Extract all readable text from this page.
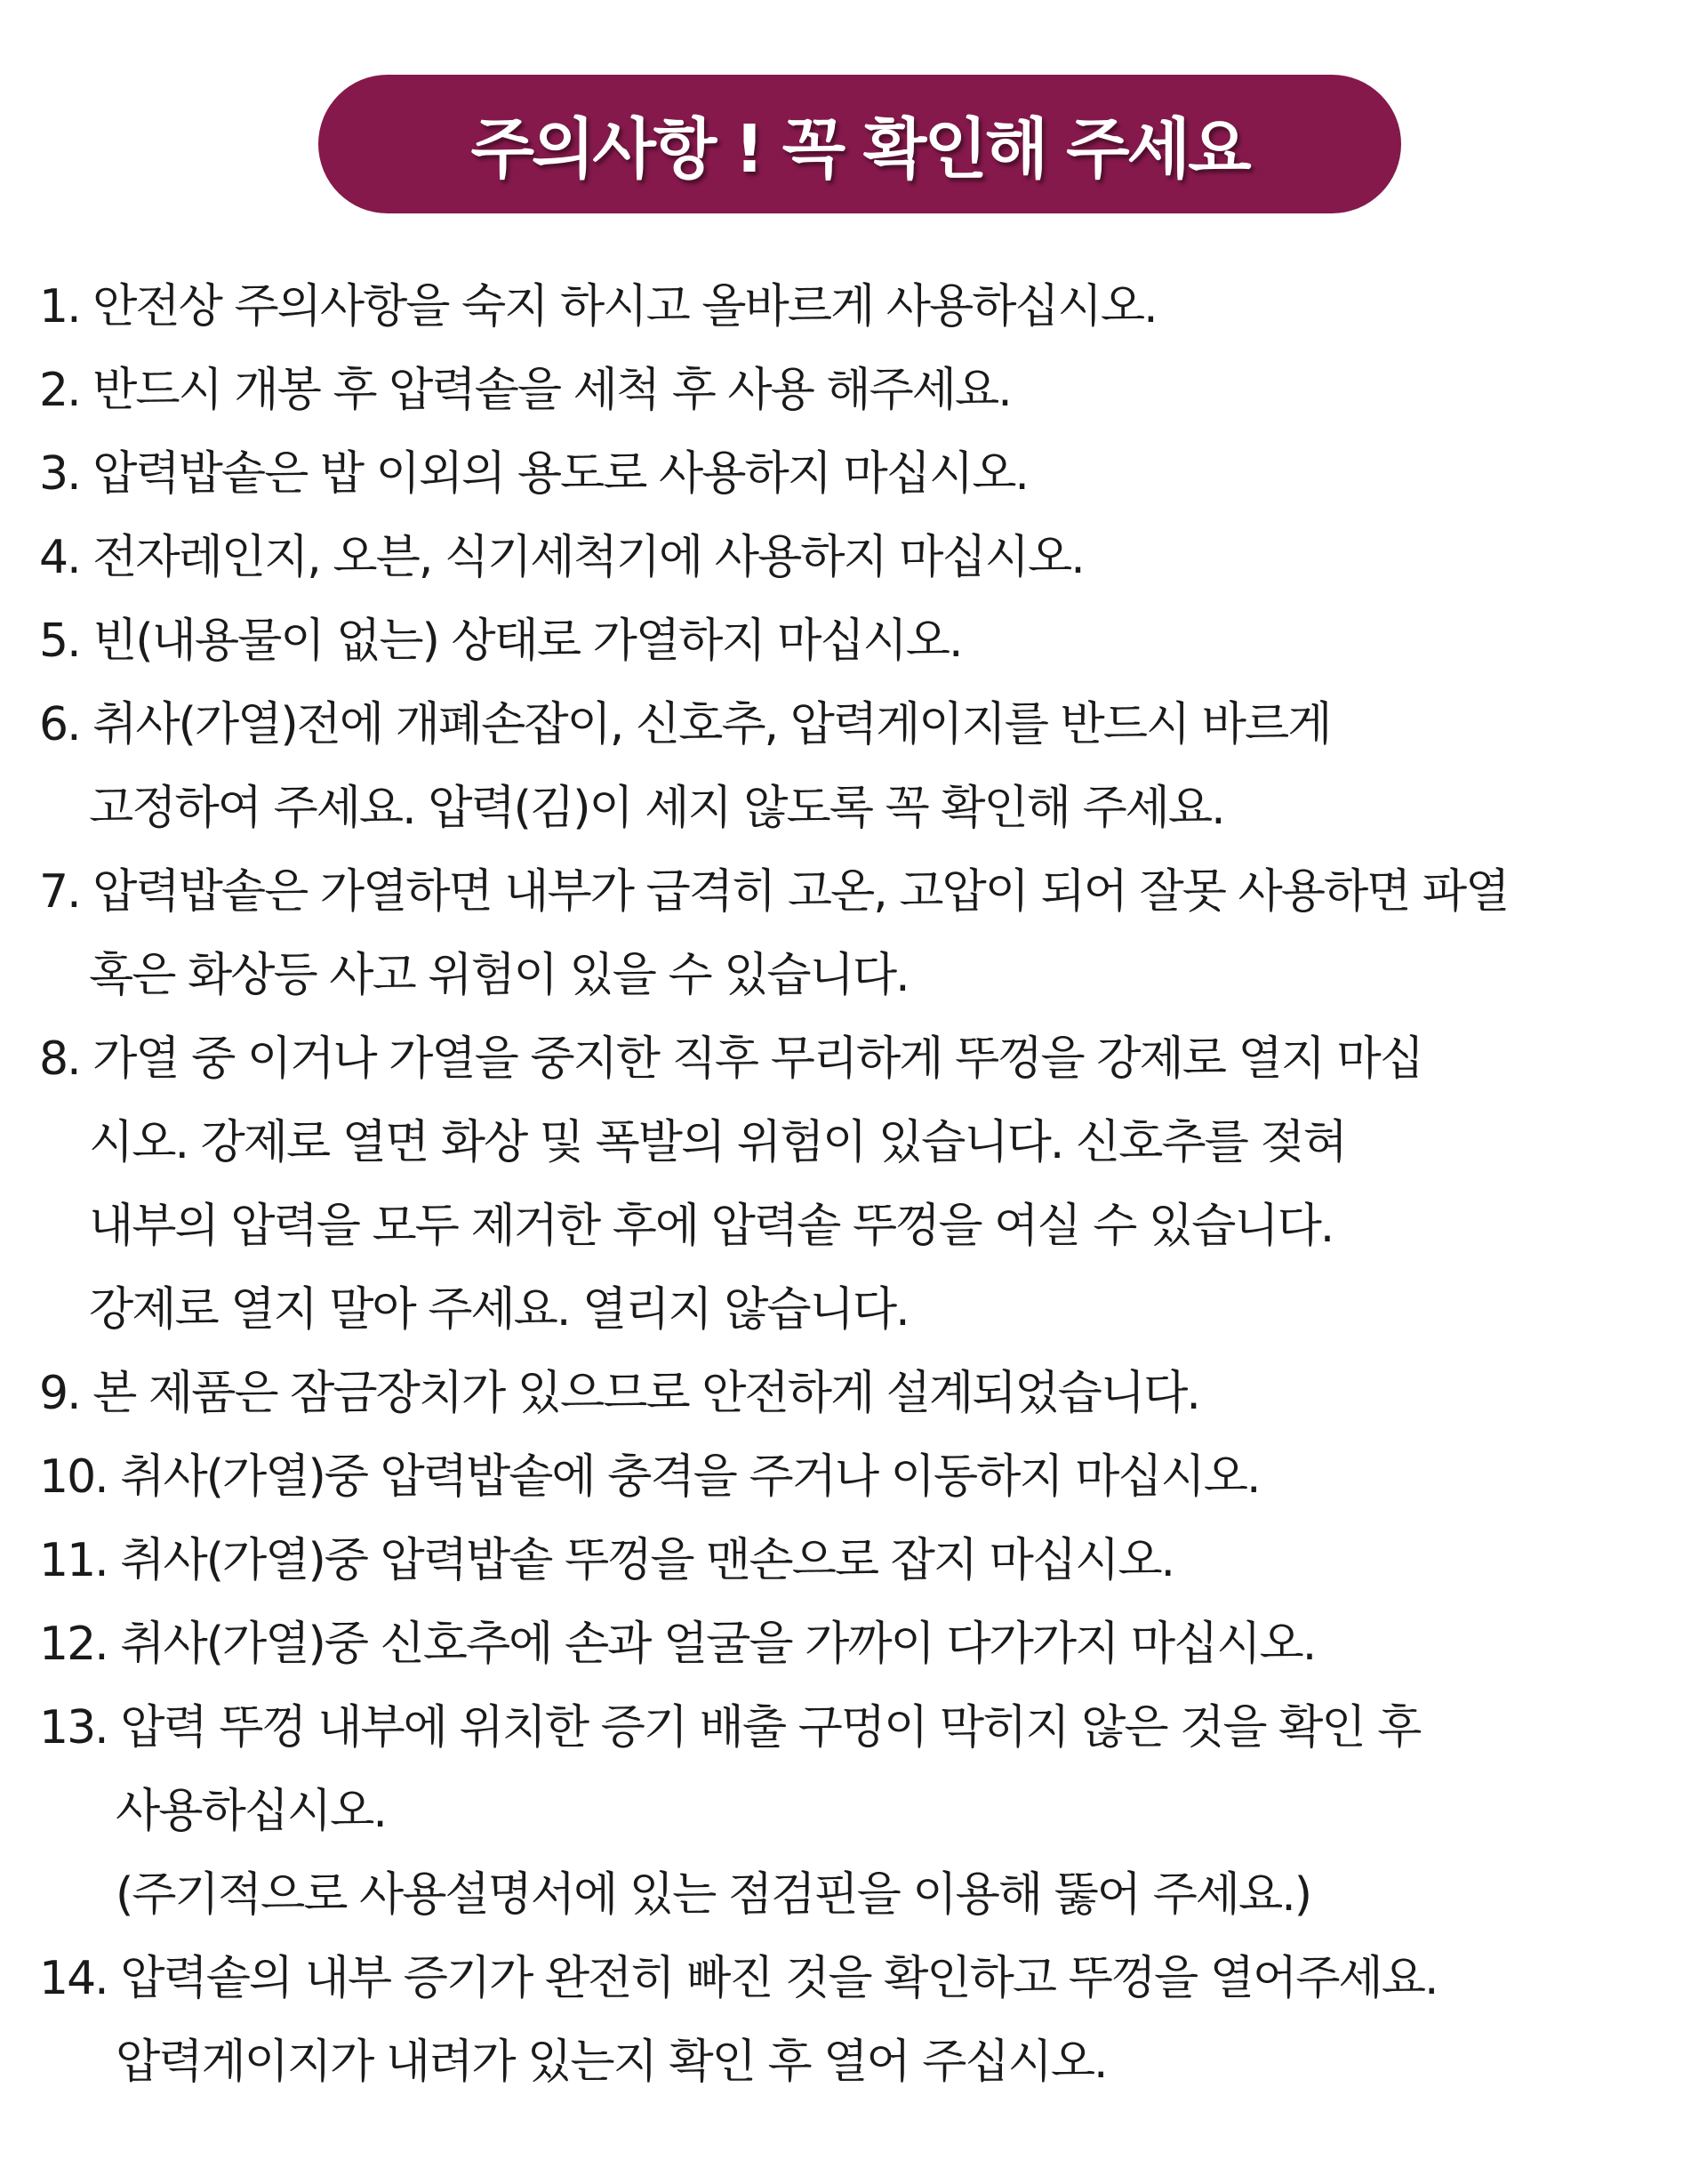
주의사항 ! 꼭 확인해 주세요
1. 안전상 주의사항을 숙지 하시고 올바르게 사용하십시오.
2. 반드시 개봉 후 압력솥을 세척 후 사용 해주세요.
3. 압력밥솥은 밥 이외의 용도로 사용하지 마십시오.
4. 전자레인지, 오븐, 식기세척기에 사용하지 마십시오.
5. 빈(내용물이 없는) 상태로 가열하지 마십시오.
6. 취사(가열)전에 개폐손잡이, 신호추, 압력게이지를 반드시 바르게
고정하여 주세요. 압력(김)이 세지 않도록 꼭 확인해 주세요.
7. 압력밥솥은 가열하면 내부가 급격히 고온, 고압이 되어 잘못 사용하면 파열
혹은 화상등 사고 위험이 있을 수 있습니다.
8. 가열 중 이거나 가열을 중지한 직후 무리하게 뚜껑을 강제로 열지 마십
시오. 강제로 열면 화상 및 폭발의 위험이 있습니다. 신호추를 젖혀
내부의 압력을 모두 제거한 후에 압력솥 뚜껑을 여실 수 있습니다.
강제로 열지 말아 주세요. 열리지 않습니다.
9. 본 제품은 잠금장치가 있으므로 안전하게 설계되었습니다.
10. 취사(가열)중 압력밥솥에 충격을 주거나 이동하지 마십시오.
11. 취사(가열)중 압력밥솥 뚜껑을 맨손으로 잡지 마십시오.
12. 취사(가열)중 신호추에 손과 얼굴을 가까이 다가가지 마십시오.
13. 압력 뚜껑 내부에 위치한 증기 배출 구멍이 막히지 않은 것을 확인 후
사용하십시오.
(주기적으로 사용설명서에 있는 점검핀을 이용해 뚫어 주세요.)
14. 압력솥의 내부 증기가 완전히 빠진 것을 확인하고 뚜껑을 열어주세요.
압력게이지가 내려가 있는지 확인 후 열어 주십시오.
